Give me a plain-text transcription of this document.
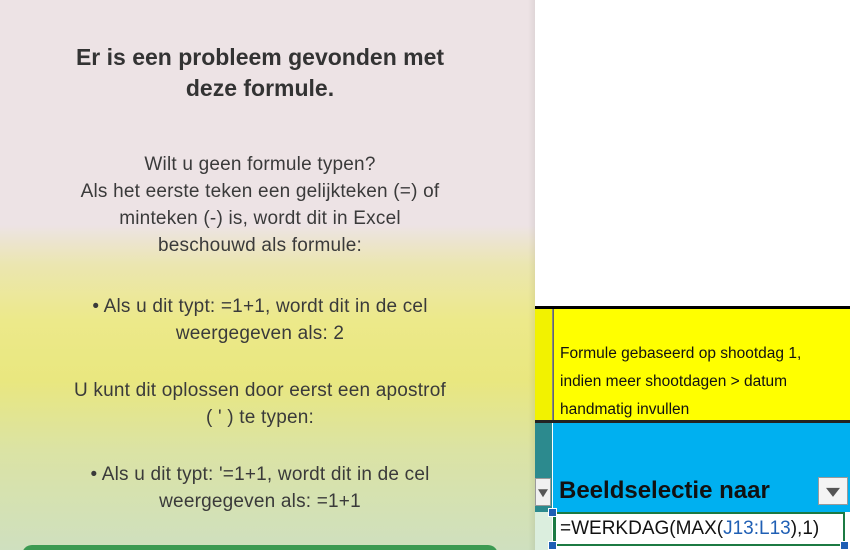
Er is een probleem gevonden met
deze formule.
Wilt u geen formule typen?
Als het eerste teken een gelijkteken (=) of
minteken (-) is, wordt dit in Excel
beschouwd als formule:
• Als u dit typt: =1+1, wordt dit in de cel
weergegeven als: 2
U kunt dit oplossen door eerst een apostrof
( ' ) te typen:
• Als u dit typt: '=1+1, wordt dit in de cel
weergegeven als: =1+1
Formule gebaseerd op shootdag 1,
indien meer shootdagen > datum
handmatig invullen
Beeldselectie naar
=WERKDAG(MAX(J13:L13),1)
